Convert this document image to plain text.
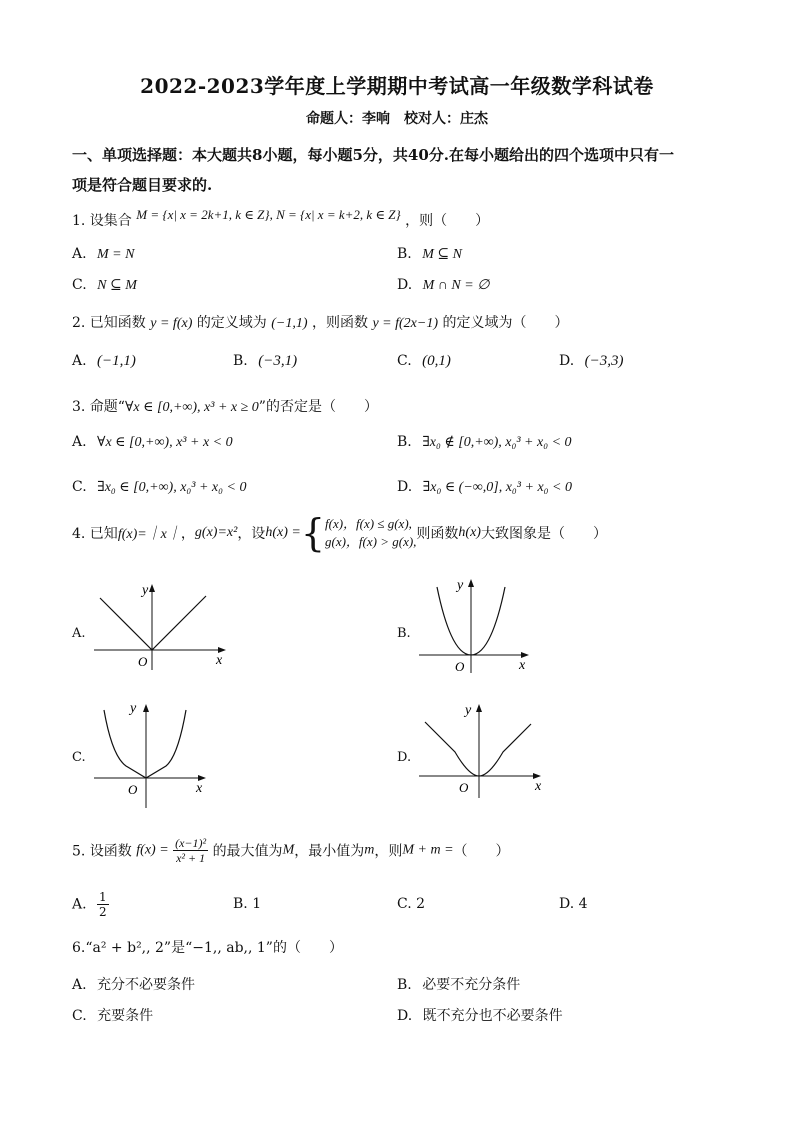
2022-2023学年度上学期期中考试高一年级数学科试卷
命题人：李响　校对人：庄杰
一、单项选择题：本大题共8小题，每小题5分，共40分.在每小题给出的四个选项中只有一
项是符合题目要求的.
1. 设集合 M = {x| x = 2k+1, k ∈ Z}, N = {x| x = k+2, k ∈ Z} ，则（　　）
A. M = N	B. M ⊆ N
C. N ⊆ M	D. M ∩ N = ∅
2. 已知函数 y = f(x) 的定义域为 (−1,1) ，则函数 y = f(2x−1) 的定义域为（　　）
A. (−1,1)	B. (−3,1)	C. (0,1)	D. (−3,3)
3. 命题“∀x ∈ [0,+∞), x³ + x ≥ 0”的否定是（　　）
A. ∀x ∈ [0,+∞), x³ + x < 0	B. ∃x₀ ∉ [0,+∞), x₀³ + x₀ < 0
C. ∃x₀ ∈ [0,+∞), x₀³ + x₀ < 0	D. ∃x₀ ∈ (−∞,0], x₀³ + x₀ < 0
4. 已知f(x)=｜x｜，g(x)=x²，设h(x) ={ f(x)，f(x) ≤ g(x),
g(x)，f(x) > g(x), 则函数h(x)大致图象是（　　）
A.
y
x
O
B.
y
x
O
C.
y
x
O
D.
y
x
O
5. 设函数 $f(x) = \frac{\text{(x−1)²}}{\text{x² + 1}}$ 的最大值为M，最小值为m，则M + m =（　　）
A. $\frac{1}{2}$	B. 1	C. 2	D. 4
6.“a² + b²,, 2”是“−1,, ab,, 1”的（　　）
A. 充分不必要条件	B. 必要不充分条件
C. 充要条件	D. 既不充分也不必要条件
